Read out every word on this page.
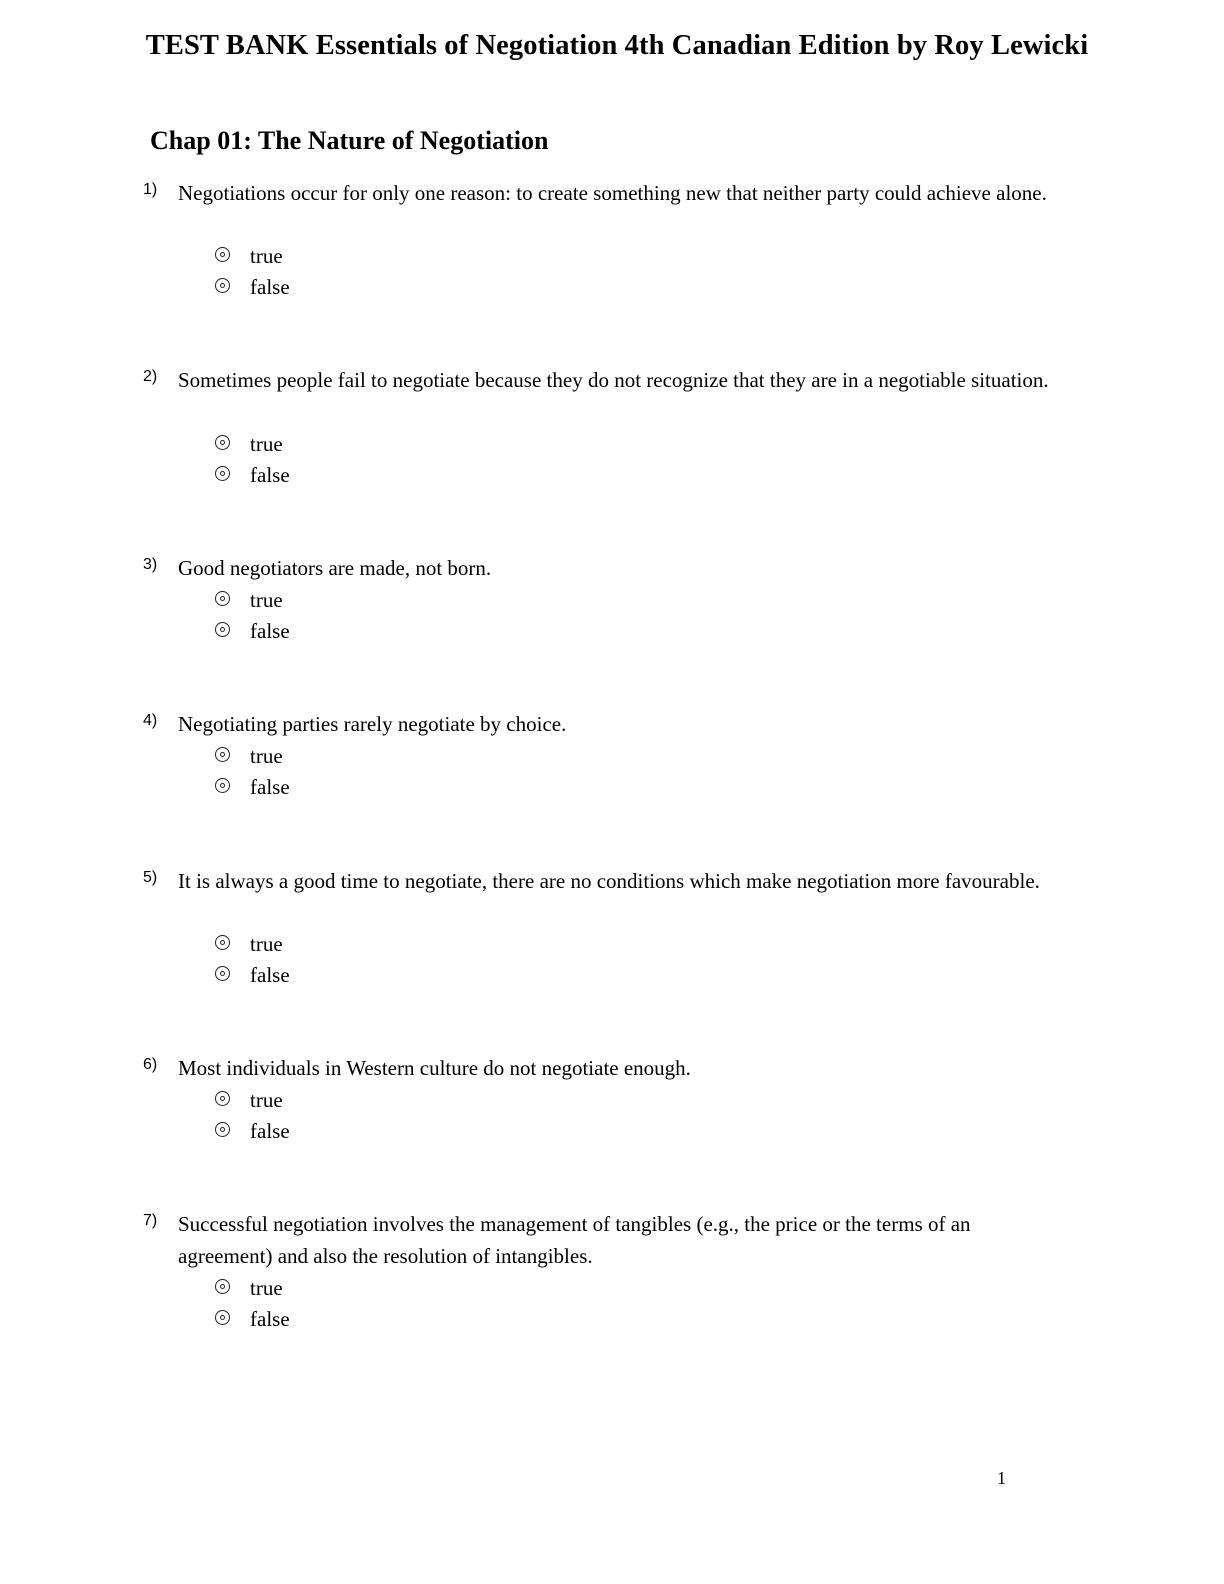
TEST BANK Essentials of Negotiation 4th Canadian Edition by Roy Lewicki
Chap 01: The Nature of Negotiation
1) Negotiations occur for only one reason: to create something new that neither party could achieve alone.
true
false
2) Sometimes people fail to negotiate because they do not recognize that they are in a negotiable situation.
true
false
3) Good negotiators are made, not born.
true
false
4) Negotiating parties rarely negotiate by choice.
true
false
5) It is always a good time to negotiate, there are no conditions which make negotiation more favourable.
true
false
6) Most individuals in Western culture do not negotiate enough.
true
false
7) Successful negotiation involves the management of tangibles (e.g., the price or the terms of an agreement) and also the resolution of intangibles.
true
false
1
